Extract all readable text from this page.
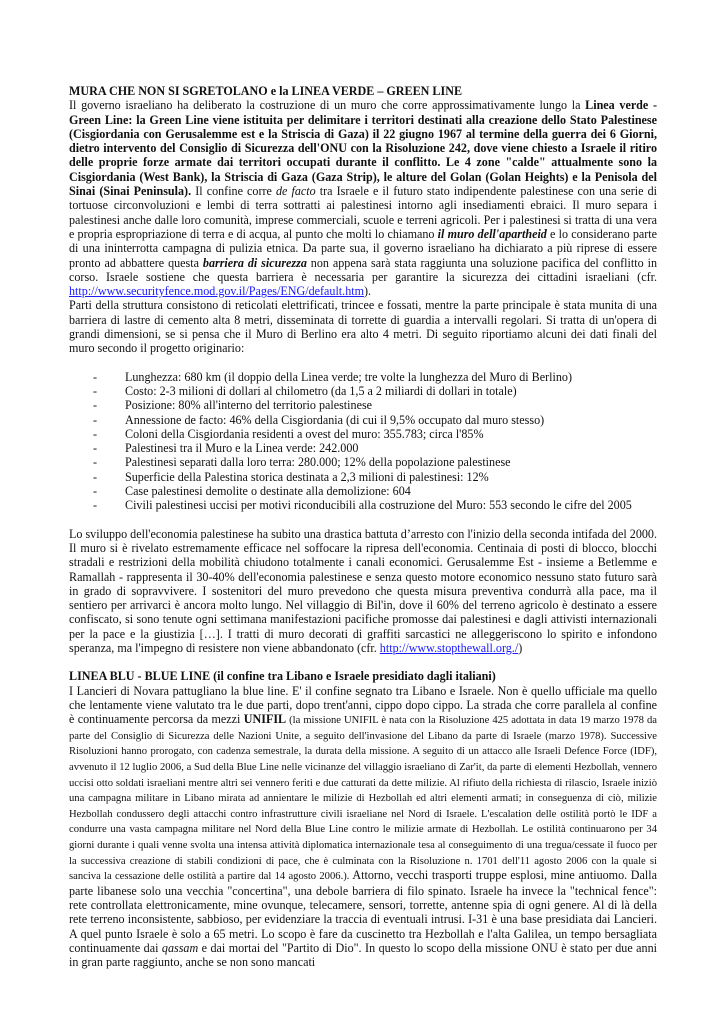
MURA CHE NON SI SGRETOLANO e la LINEA VERDE – GREEN LINE

Il governo israeliano ha deliberato la costruzione di un muro che corre approssimativamente lungo la Linea verde - Green Line: la Green Line viene istituita per delimitare i territori destinati alla creazione dello Stato Palestinese (Cisgiordania con Gerusalemme est e la Striscia di Gaza) il 22 giugno 1967 al termine della guerra dei 6 Giorni, dietro intervento del Consiglio di Sicurezza dell'ONU con la Risoluzione 242, dove viene chiesto a Israele il ritiro delle proprie forze armate dai territori occupati durante il conflitto. Le 4 zone "calde" attualmente sono la Cisgiordania (West Bank), la Striscia di Gaza (Gaza Strip), le alture del Golan (Golan Heights) e la Penisola del Sinai (Sinai Peninsula). Il confine corre de facto tra Israele e il futuro stato indipendente palestinese con una serie di tortuose circonvoluzioni e lembi di terra sottratti ai palestinesi intorno agli insediamenti ebraici. Il muro separa i palestinesi anche dalle loro comunità, imprese commerciali, scuole e terreni agricoli. Per i palestinesi si tratta di una vera e propria espropriazione di terra e di acqua, al punto che molti lo chiamano il muro dell'apartheid e lo considerano parte di una ininterrotta campagna di pulizia etnica. Da parte sua, il governo israeliano ha dichiarato a più riprese di essere pronto ad abbattere questa barriera di sicurezza non appena sarà stata raggiunta una soluzione pacifica del conflitto in corso. Israele sostiene che questa barriera è necessaria per garantire la sicurezza dei cittadini israeliani (cfr. http://www.securityfence.mod.gov.il/Pages/ENG/default.htm).

Parti della struttura consistono di reticolati elettrificati, trincee e fossati, mentre la parte principale è stata munita di una barriera di lastre di cemento alta 8 metri, disseminata di torrette di guardia a intervalli regolari. Si tratta di un'opera di grandi dimensioni, se si pensa che il Muro di Berlino era alto 4 metri. Di seguito riportiamo alcuni dei dati finali del muro secondo il progetto originario:

- Lunghezza: 680 km (il doppio della Linea verde; tre volte la lunghezza del Muro di Berlino)
- Costo: 2-3 milioni di dollari al chilometro (da 1,5 a 2 miliardi di dollari in totale)
- Posizione: 80% all'interno del territorio palestinese
- Annessione de facto: 46% della Cisgiordania (di cui il 9,5% occupato dal muro stesso)
- Coloni della Cisgiordania residenti a ovest del muro: 355.783; circa l'85%
- Palestinesi tra il Muro e la Linea verde: 242.000
- Palestinesi separati dalla loro terra: 280.000; 12% della popolazione palestinese
- Superficie della Palestina storica destinata a 2,3 milioni di palestinesi: 12%
- Case palestinesi demolite o destinate alla demolizione: 604
- Civili palestinesi uccisi per motivi riconducibili alla costruzione del Muro: 553 secondo le cifre del 2005

Lo sviluppo dell'economia palestinese ha subito una drastica battuta d’arresto con l'inizio della seconda intifada del 2000. Il muro si è rivelato estremamente efficace nel soffocare la ripresa dell'economia. Centinaia di posti di blocco, blocchi stradali e restrizioni della mobilità chiudono totalmente i canali economici. Gerusalemme Est - insieme a Betlemme e Ramallah - rappresenta il 30-40% dell'economia palestinese e senza questo motore economico nessuno stato futuro sarà in grado di sopravvivere. I sostenitori del muro prevedono che questa misura preventiva condurrà alla pace, ma il sentiero per arrivarci è ancora molto lungo. Nel villaggio di Bil'in, dove il 60% del terreno agricolo è destinato a essere confiscato, si sono tenute ogni settimana manifestazioni pacifiche promosse dai palestinesi e dagli attivisti internazionali per la pace e la giustizia […]. I tratti di muro decorati di graffiti sarcastici ne alleggeriscono lo spirito e infondono speranza, ma l'impegno di resistere non viene abbandonato (cfr. http://www.stopthewall.org./)

LINEA BLU - BLUE LINE (il confine tra Libano e Israele presidiato dagli italiani)

I Lancieri di Novara pattugliano la blue line. E' il confine segnato tra Libano e Israele. Non è quello ufficiale ma quello che lentamente viene valutato tra le due parti, dopo trent'anni, cippo dopo cippo. La strada che corre parallela al confine è continuamente percorsa da mezzi UNIFIL (la missione UNIFIL è nata con la Risoluzione 425 adottata in data 19 marzo 1978 da parte del Consiglio di Sicurezza delle Nazioni Unite, a seguito dell'invasione del Libano da parte di Israele (marzo 1978). Successive Risoluzioni hanno prorogato, con cadenza semestrale, la durata della missione. A seguito di un attacco alle Israeli Defence Force (IDF), avvenuto il 12 luglio 2006, a Sud della Blue Line nelle vicinanze del villaggio israeliano di Zar'it, da parte di elementi Hezbollah, vennero uccisi otto soldati israeliani mentre altri sei vennero feriti e due catturati da dette milizie. Al rifiuto della richiesta di rilascio, Israele iniziò una campagna militare in Libano mirata ad annientare le milizie di Hezbollah ed altri elementi armati; in conseguenza di ciò, milizie Hezbollah condussero degli attacchi contro infrastrutture civili israeliane nel Nord di Israele. L'escalation delle ostilità portò le IDF a condurre una vasta campagna militare nel Nord della Blue Line contro le milizie armate di Hezbollah. Le ostilità continuarono per 34 giorni durante i quali venne svolta una intensa attività diplomatica internazionale tesa al conseguimento di una tregua/cessate il fuoco per la successiva creazione di stabili condizioni di pace, che è culminata con la Risoluzione n. 1701 dell'11 agosto 2006 con la quale si sanciva la cessazione delle ostilità a partire dal 14 agosto 2006.). Attorno, vecchi trasporti truppe esplosi, mine antiuomo. Dalla parte libanese solo una vecchia "concertina", una debole barriera di filo spinato. Israele ha invece la "technical fence": rete controllata elettronicamente, mine ovunque, telecamere, sensori, torrette, antenne spia di ogni genere. Al di là della rete terreno inconsistente, sabbioso, per evidenziare la traccia di eventuali intrusi. I-31 è una base presidiata dai Lancieri. A quel punto Israele è solo a 65 metri. Lo scopo è fare da cuscinetto tra Hezbollah e l'alta Galilea, un tempo bersagliata continuamente dai qassam e dai mortai del "Partito di Dio". In questo lo scopo della missione ONU è stato per due anni in gran parte raggiunto, anche se non sono mancati
